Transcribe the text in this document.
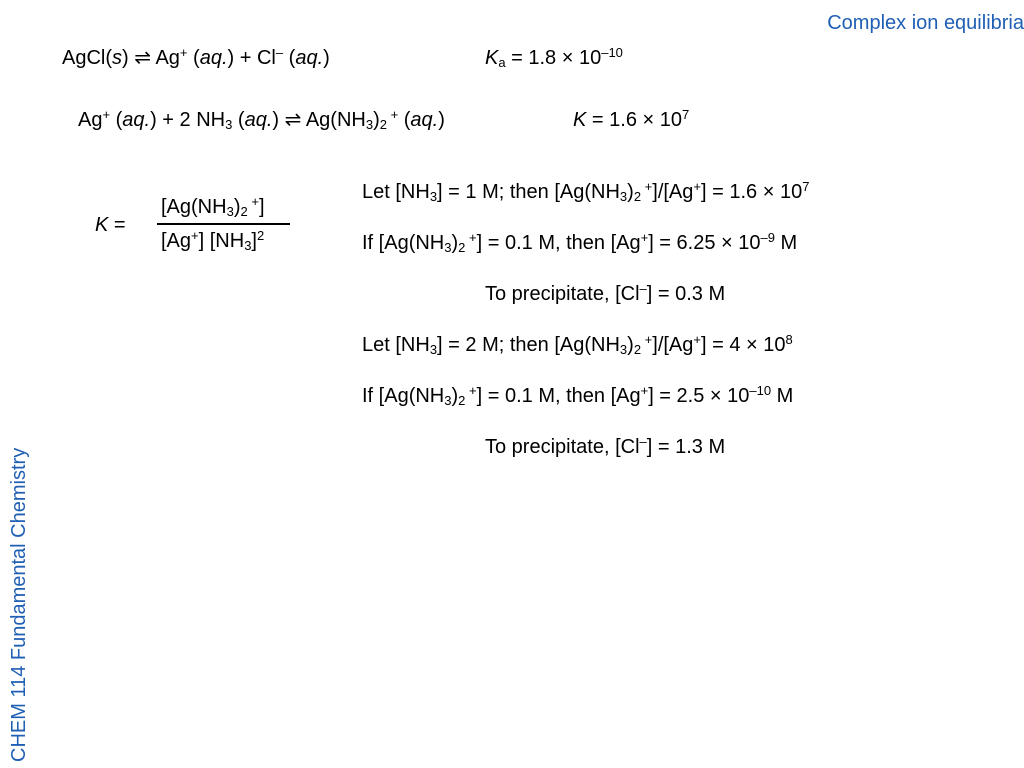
Complex ion equilibria
CHEM 114 Fundamental Chemistry
AgCl(s) ⇌ Ag+ (aq.) + Cl– (aq.)	$K_a = 1.8 \times 10^{-10}$
Ag+ (aq.) + 2 $NH_3$ (aq.) ⇌ $Ag(NH_3)_2$ + (aq.)	$K = 1.6 \times 10^7$
K =
[$Ag(NH_3)_2$ +]
[Ag+] $[NH_3]^2$
Let $[NH_3] = 1$ M; then [$Ag(NH_3)_2$ $^+]/[Ag^+] = 1.6 \times 10^7$
If [$Ag(NH_3)_2$ +] = 0.1 M, then $[Ag^+] = 6.25 \times 10^{-9}$ M
To precipitate, [Cl–] = 0.3 M
Let $[NH_3] = 2$ M; then [$Ag(NH_3)_2$ $^+]/[Ag^+] = 4 \times 10^8$
If [$Ag(NH_3)_2$ +] = 0.1 M, then $[Ag^+] = 2.5 \times 10^{-10}$ M
To precipitate, [Cl–] = 1.3 M
